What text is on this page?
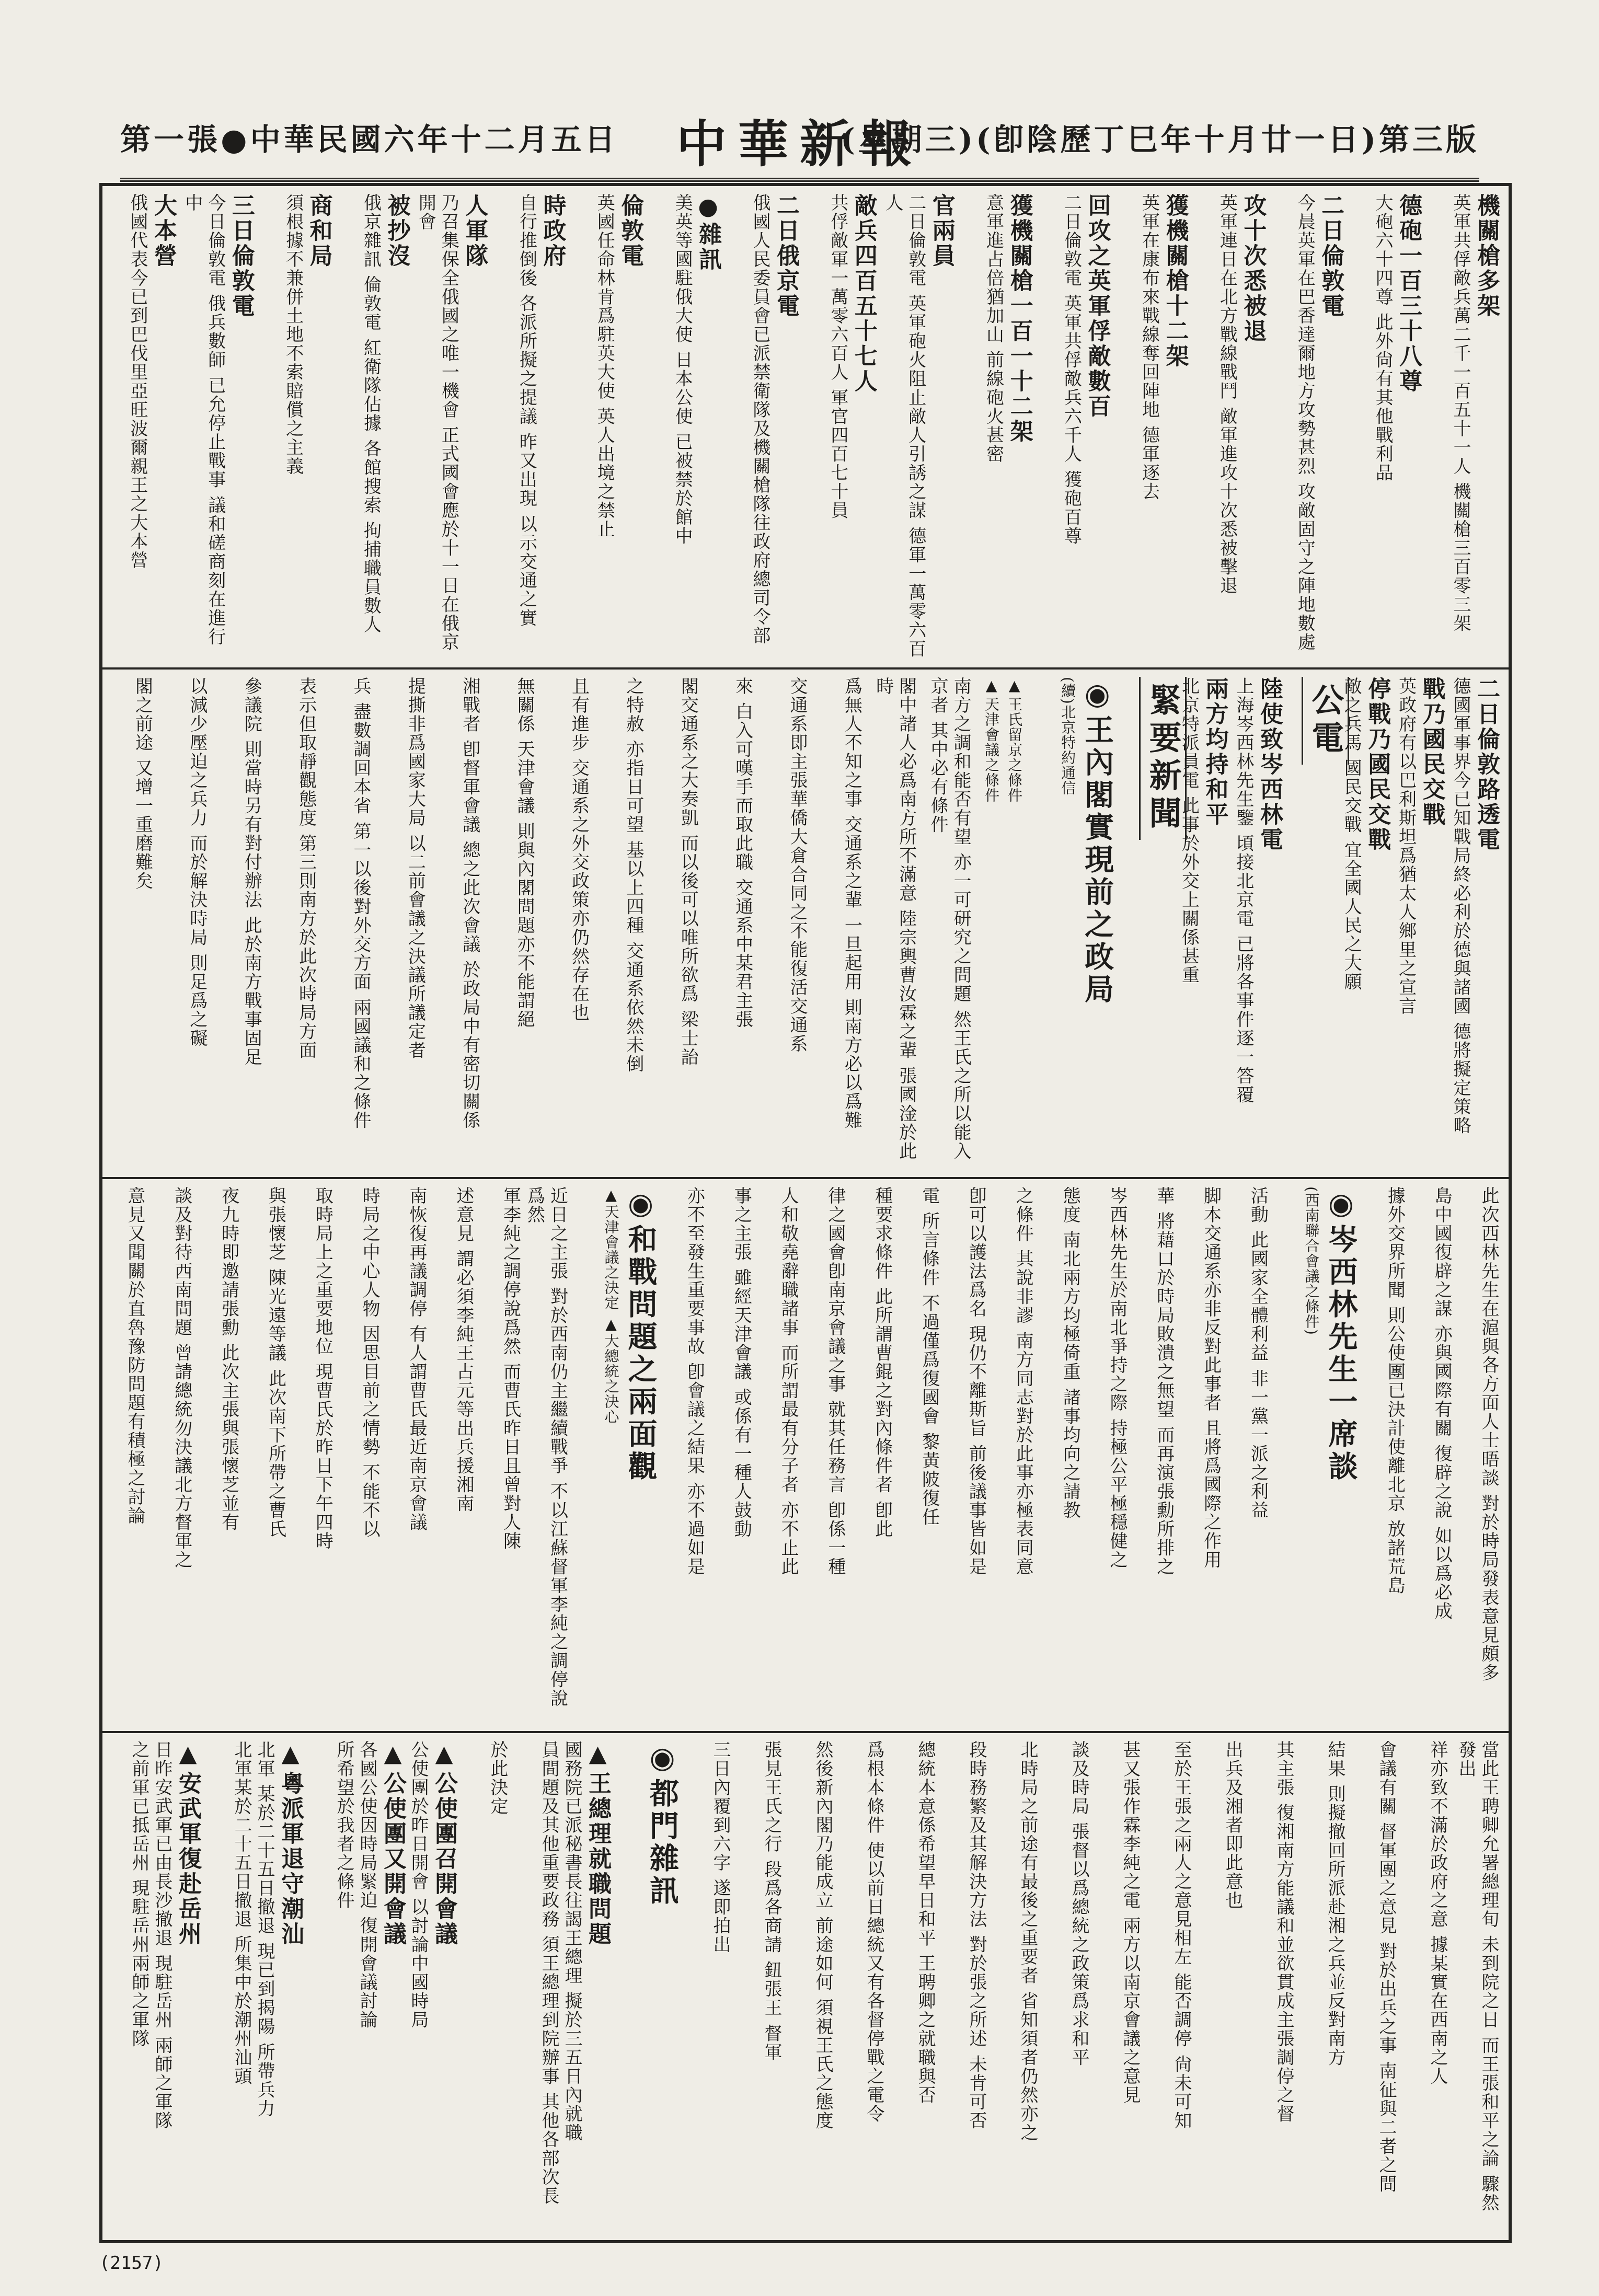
第一張●中華民國六年十二月五日 中華新報
(星期三)(卽陰歷丁巳年十月廿一日)第三版
機關槍多架
英軍共俘敵兵萬二千一百五十一人 機關槍三百零三架
德砲一百三十八尊
大砲六十四尊 此外尙有其他戰利品
二日倫敦電
今晨英軍在巴香達爾地方攻勢甚烈 攻敵固守之陣地數處
攻十次悉被退
英軍連日在北方戰線戰鬥 敵軍進攻十次悉被擊退
獲機關槍十二架
英軍在康布來戰線奪回陣地 德軍逐去
回攻之英軍俘敵數百
二日倫敦電 英軍共俘敵兵六千人 獲砲百尊
獲機關槍一百一十二架
意軍進占倍猶加山 前線砲火甚密
官兩員
二日倫敦電 英軍砲火阻止敵人引誘之謀 德軍一萬零六百人
敵兵四百五十七人
共俘敵軍一萬零六百人 軍官四百七十員
二日俄京電
俄國人民委員會已派禁衛隊及機關槍隊往政府總司令部
●雜訊
美英等國駐俄大使 日本公使 已被禁於館中
倫敦電
英國任命林肯爲駐英大使 英人出境之禁止
時政府
自行推倒後 各派所擬之提議 昨又出現 以示交通之實
人軍隊
乃召集保全俄國之唯一機會 正式國會應於十一日在俄京開會
被抄沒
俄京雜訊 倫敦電 紅衛隊佔據 各館搜索 拘捕職員數人
商和局
須根據不兼併土地不索賠償之主義
三日倫敦電
今日倫敦電 俄兵數師 已允停止戰事 議和磋商刻在進行中
大本營
俄國代表今已到巴伐里亞旺波爾親王之大本營
二日倫敦路透電
德國軍事界今已知戰局終必利於德與諸國 德將擬定策略
戰乃國民交戰
英政府有以巴利斯坦爲猶太人鄉里之宣言
停戰乃國民交戰
敵之兵馬 國民交戰 宜全國人民之大願
公電
陸使致岑西林電
上海岑西林先生鑒 頃接北京電 已將各事件逐一答覆
兩方均持和平
北京特派員電 此事於外交上關係甚重
緊要新聞
◉ 王內閣實現前之政局
(續)北京特約通信
▲ 王氏留京之條件
▲ 天津會議之條件
南方之調和能否有望 亦一可研究之問題 然王氏之所以能入京者 其中必有條件
閣中諸人必爲南方所不滿意 陸宗輿曹汝霖之輩 張國淦於此時
爲無人不知之事 交通系之輩 一旦起用 則南方必以爲難
交通系即主張華僑大倉合同之不能復活交通系
來 白入可嘆手而取此職 交通系中某君主張
閣交通系之大奏凱 而以後可以唯所欲爲 梁士詒
之特赦 亦指日可望 基以上四種 交通系依然未倒
且有進步 交通系之外交政策亦仍然存在也
無關係 天津會議 則與內閣問題亦不能謂絕
湘戰者 卽督軍會議 總之此次會議 於政局中有密切關係
提撕非爲國家大局 以二前會議之決議所議定者
兵 盡數調回本省 第一以後對外交方面 兩國議和之條件
表示但取靜觀態度 第三則南方於此次時局方面
參議院 則當時另有對付辦法 此於南方戰事固足
以減少壓迫之兵力 而於解決時局 則足爲之礙
閣之前途 又增一重磨難矣
此次西林先生在滬與各方面人士晤談 對於時局發表意見頗多
島中國復辟之謀 亦與國際有關 復辟之說 如以爲必成
據外交界所聞 則公使團已決計使離北京 放諸荒島
◉ 岑西林先生一席談
(西南聯合會議之條件)
活動 此國家全體利益 非一黨一派之利益
脚本交通系亦非反對此事者 且將爲國際之作用
華 將藉口於時局敗潰之無望 而再演張勳所排之
岑西林先生於南北爭持之際 持極公平極穩健之
態度 南北兩方均極倚重 諸事均向之請教
之條件 其說非謬 南方同志對於此事亦極表同意
卽可以護法爲名 現仍不離斯旨 前後議事皆如是
電 所言條件 不過僅爲復國會 黎黃陂復任
種要求條件 此所謂曹錕之對內條件者 卽此
律之國會卽南京會議之事 就其任務言 卽係一種
人和敬堯辭職諸事 而所謂最有分子者 亦不止此
事之主張 雖經天津會議 或係有一種人鼓動
亦不至發生重要事故 卽會議之結果 亦不過如是
◉ 和戰問題之兩面觀
▲天津會議之決定 ▲大總統之決心
近日之主張 對於西南仍主繼續戰爭 不以江蘇督軍李純之調停說爲然
軍李純之調停說爲然 而曹氏昨日且曾對人陳
述意見 謂必須李純王占元等出兵援湘南
南恢復再議調停 有人謂曹氏最近南京會議
時局之中心人物 因思目前之情勢 不能不以
取時局上之重要地位 現曹氏於昨日下午四時
與張懷芝 陳光遠等議 此次南下所帶之曹氏
夜九時即邀請張勳 此次主張與張懷芝並有
談及對待西南問題 曾請總統勿決議北方督軍之
意見又聞關於直魯豫防問題有積極之討論
當此王聘卿允署總理旬 未到院之日 而王張和平之論 驟然發出
祥亦致不滿於政府之意 據某實在西南之人
會議有關 督軍團之意見 對於出兵之事 南征與二者之間
結果 則擬撤回所派赴湘之兵並反對南方
其主張 復湘南方能議和並欲貫成主張調停之督
出兵及湘者即此意也
至於王張之兩人之意見相左 能否調停 尙未可知
甚又張作霖李純之電 兩方以南京會議之意見
談及時局 張督以爲總統之政策爲求和平
北時局之前途有最後之重要者 省知須者仍然亦之
段時務繁及其解決方法 對於張之所述 未肯可否
總統本意係希望早日和平 王聘卿之就職與否
爲根本條件 使以前日總統又有各督停戰之電令
然後新內閣乃能成立 前途如何 須視王氏之態度
張見王氏之行 段爲各商請 鈕張王 督軍
三日內覆到六字 遂即拍出
◉ 都門雜訊
▲ 王總理就職問題
國務院已派秘書長往謁王總理 擬於三五日內就職
員間題及其他重要政務 須王總理到院辦事 其他各部次長
於此決定
▲ 公使團召開會議
公使團於昨日開會 以討論中國時局
▲ 公使團又開會議
各國公使因時局緊迫 復開會議討論
所希望於我者之條件
▲ 粵派軍退守潮汕
北軍 某於二十五日撤退 現已到揭陽 所帶兵力
北軍某於二十五日撤退 所集中於潮州汕頭
▲ 安武軍復赴岳州
日昨安武軍已由長沙撤退 現駐岳州 兩師之軍隊
之前軍已抵岳州 現駐岳州兩師之軍隊
(2157)
